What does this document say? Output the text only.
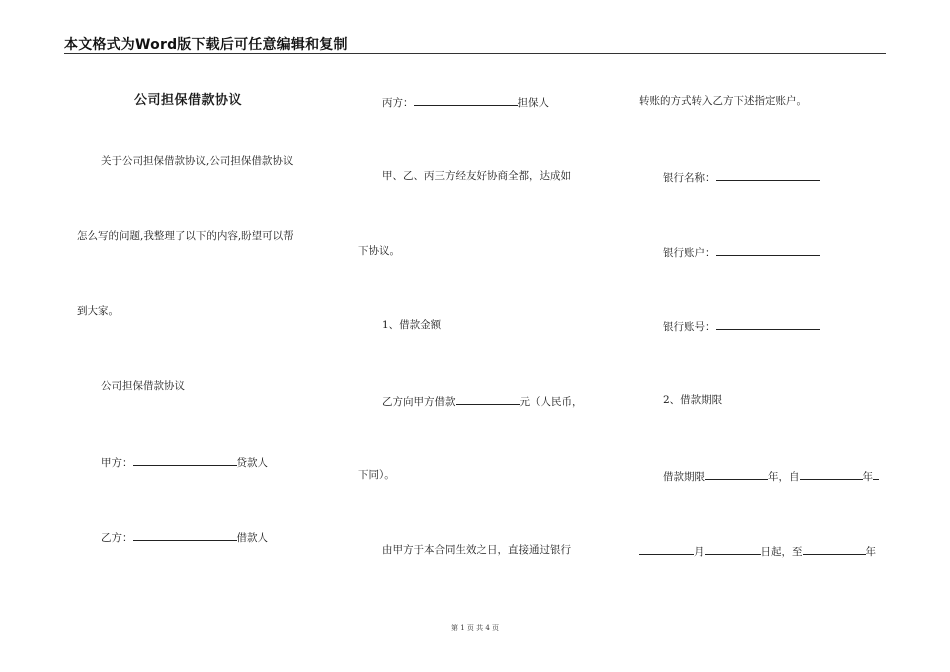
本文格式为Word版下载后可任意编辑和复制
公司担保借款协议
关于公司担保借款协议,公司担保借款协议
怎么写的问题,我整理了以下的内容,盼望可以帮
到大家。
公司担保借款协议
甲方：	贷款人
乙方：	借款人
丙方：	担保人
甲、乙、丙三方经友好协商全都，达成如
下协议。
1、借款金额
乙方向甲方借款	元（人民币，
下同）。
由甲方于本合同生效之日，直接通过银行
转账的方式转入乙方下述指定账户。
银行名称：
银行账户：
银行账号：
2、借款期限
借款期限	年，自	年
月	日起，至	年
第 1 页 共 4 页
